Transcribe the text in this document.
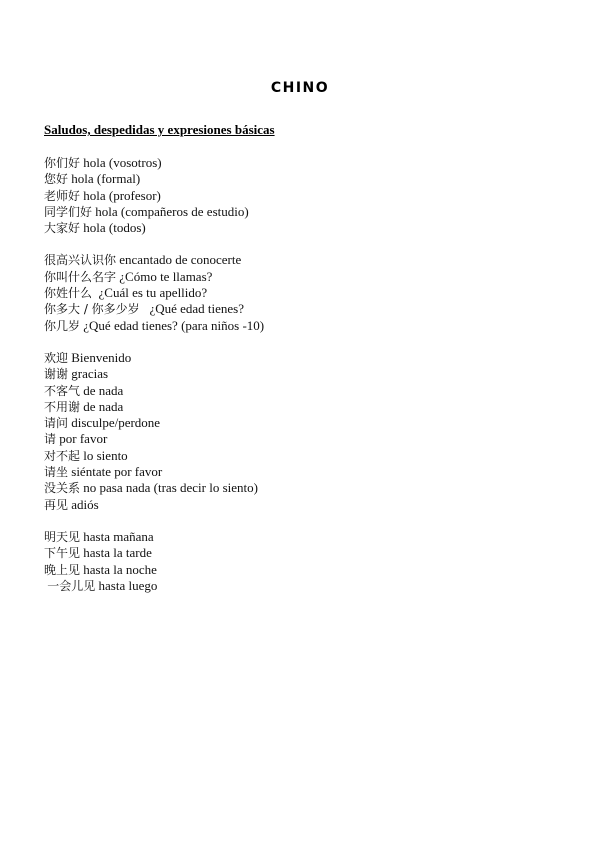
CHINO
Saludos, despedidas y expresiones básicas
你们好 hola (vosotros)
您好 hola (formal)
老师好 hola (profesor)
同学们好 hola (compañeros de estudio)
大家好 hola (todos)
很高兴认识你 encantado de conocerte
你叫什么名字 ¿Cómo te llamas?
你姓什么 ¿Cuál es tu apellido?
你多大 / 你多少岁 ¿Qué edad tienes?
你几岁 ¿Qué edad tienes? (para niños -10)
欢迎 Bienvenido
谢谢 gracias
不客气 de nada
不用谢 de nada
请问 disculpe/perdone
请 por favor
对不起 lo siento
请坐 siéntate por favor
没关系 no pasa nada (tras decir lo siento)
再见 adiós
明天见 hasta mañana
下午见 hasta la tarde
晚上见 hasta la noche
一会儿见 hasta luego
